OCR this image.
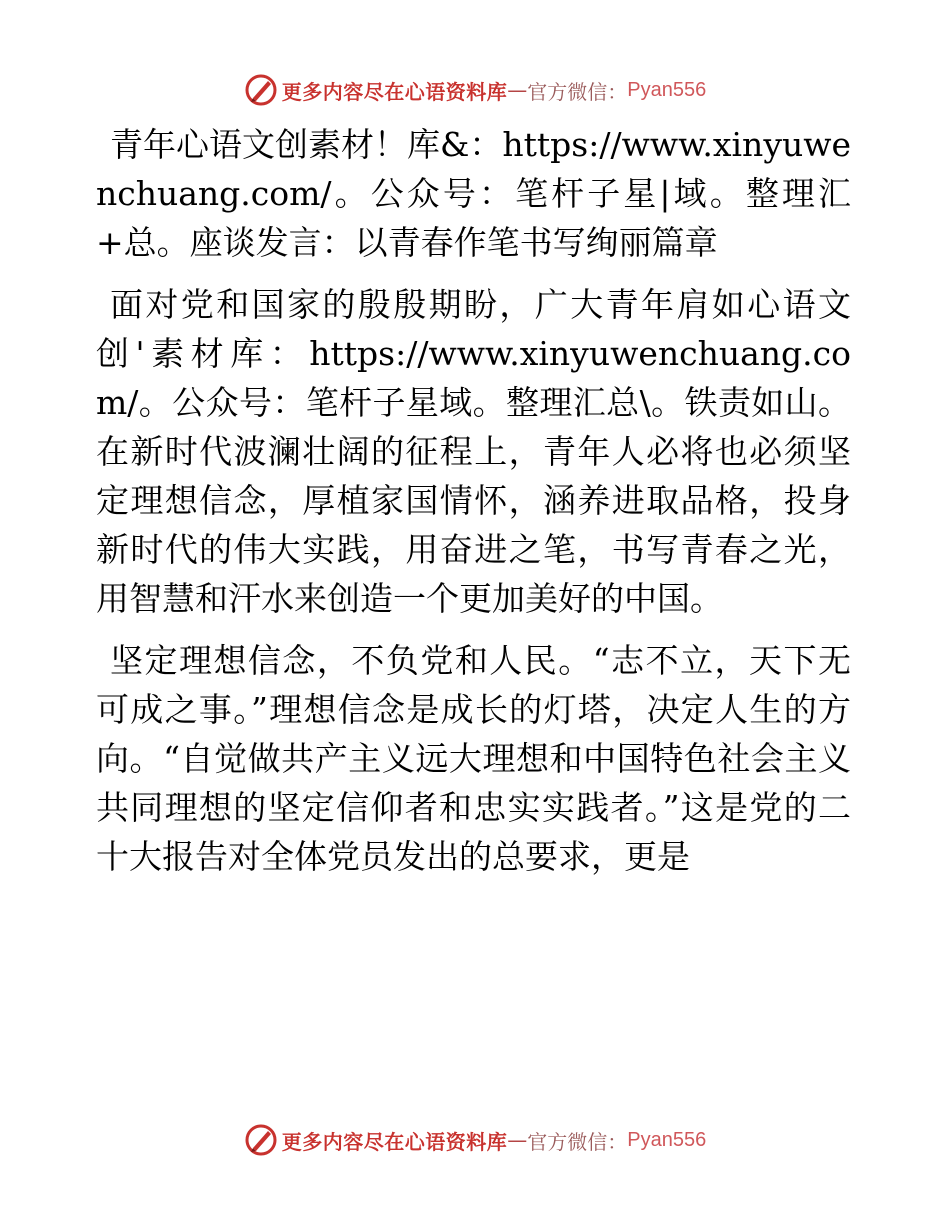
更多内容尽在心语资料库 — 官方微信： Pyan556

青年心语文创素材！库&：https://www.xinyuwenchuang.com/。公众号：笔杆子星|域。整理汇+总。座谈发言：以青春作笔书写绚丽篇章

面对党和国家的殷殷期盼，广大青年肩如心语文创'素材库：https://www.xinyuwenchuang.com/。公众号：笔杆子星域。整理汇总\。铁责如山。在新时代波澜壮阔的征程上，青年人必将也必须坚定理想信念，厚植家国情怀，涵养进取品格，投身新时代的伟大实践，用奋进之笔，书写青春之光，用智慧和汗水来创造一个更加美好的中国。

坚定理想信念，不负党和人民。“志不立，天下无可成之事。”理想信念是成长的灯塔，决定人生的方向。“自觉做共产主义远大理想和中国特色社会主义共同理想的坚定信仰者和忠实实践者。”这是党的二十大报告对全体党员发出的总要求，更是

更多内容尽在心语资料库 — 官方微信： Pyan556
